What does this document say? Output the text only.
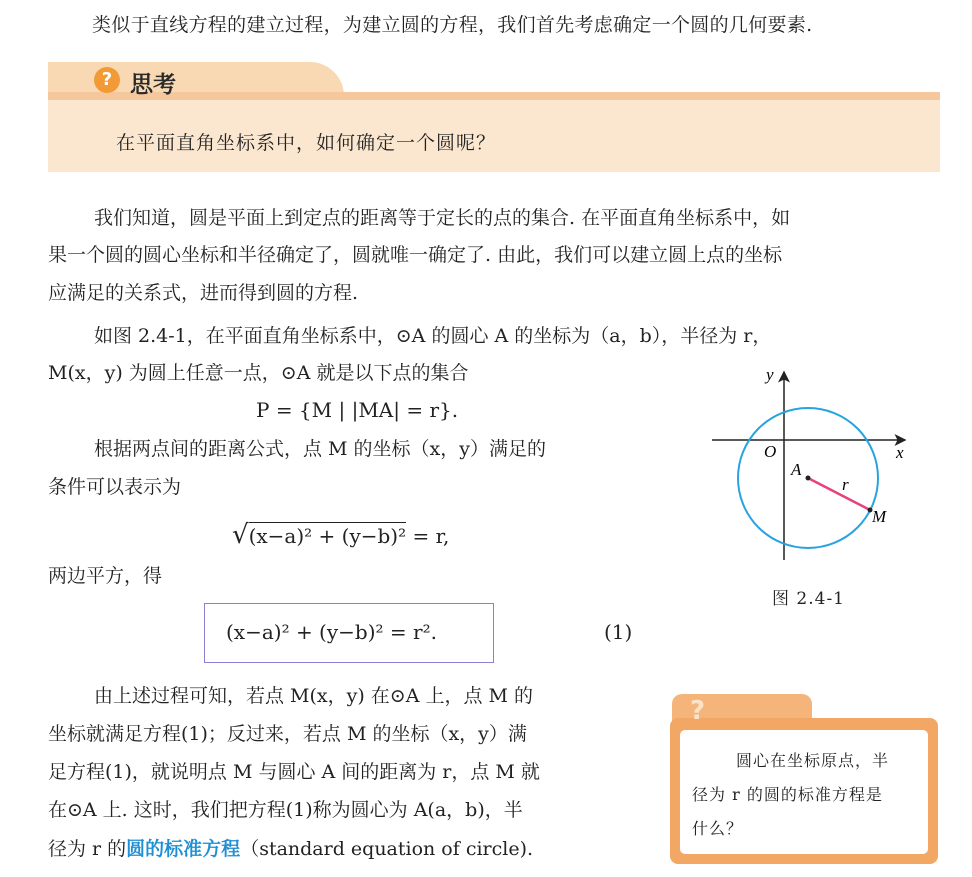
类似于直线方程的建立过程，为建立圆的方程，我们首先考虑确定一个圆的几何要素.
? 思考
在平面直角坐标系中，如何确定一个圆呢？
我们知道，圆是平面上到定点的距离等于定长的点的集合. 在平面直角坐标系中，如
果一个圆的圆心坐标和半径确定了，圆就唯一确定了. 由此，我们可以建立圆上点的坐标
应满足的关系式，进而得到圆的方程.
如图 2.4-1，在平面直角坐标系中，⊙A 的圆心 A 的坐标为（a，b），半径为 r，
M(x，y) 为圆上任意一点，⊙A 就是以下点的集合
P = {M | |MA| = r}.
根据两点间的距离公式，点 M 的坐标（x，y）满足的
条件可以表示为
√(x−a)² + (y−b)² = r,
两边平方，得
(x−a)² + (y−b)² = r².	(1)
由上述过程可知，若点 M(x，y) 在⊙A 上，点 M 的
坐标就满足方程(1)；反过来，若点 M 的坐标（x，y）满
足方程(1)，就说明点 M 与圆心 A 间的距离为 r，点 M 就
在⊙A 上. 这时，我们把方程(1)称为圆心为 A(a，b)，半
径为 r 的圆的标准方程（standard equation of circle).
y
x
O
A
r
M
图 2.4-1
?
圆心在坐标原点，半
径为 r 的圆的标准方程是
什么？
